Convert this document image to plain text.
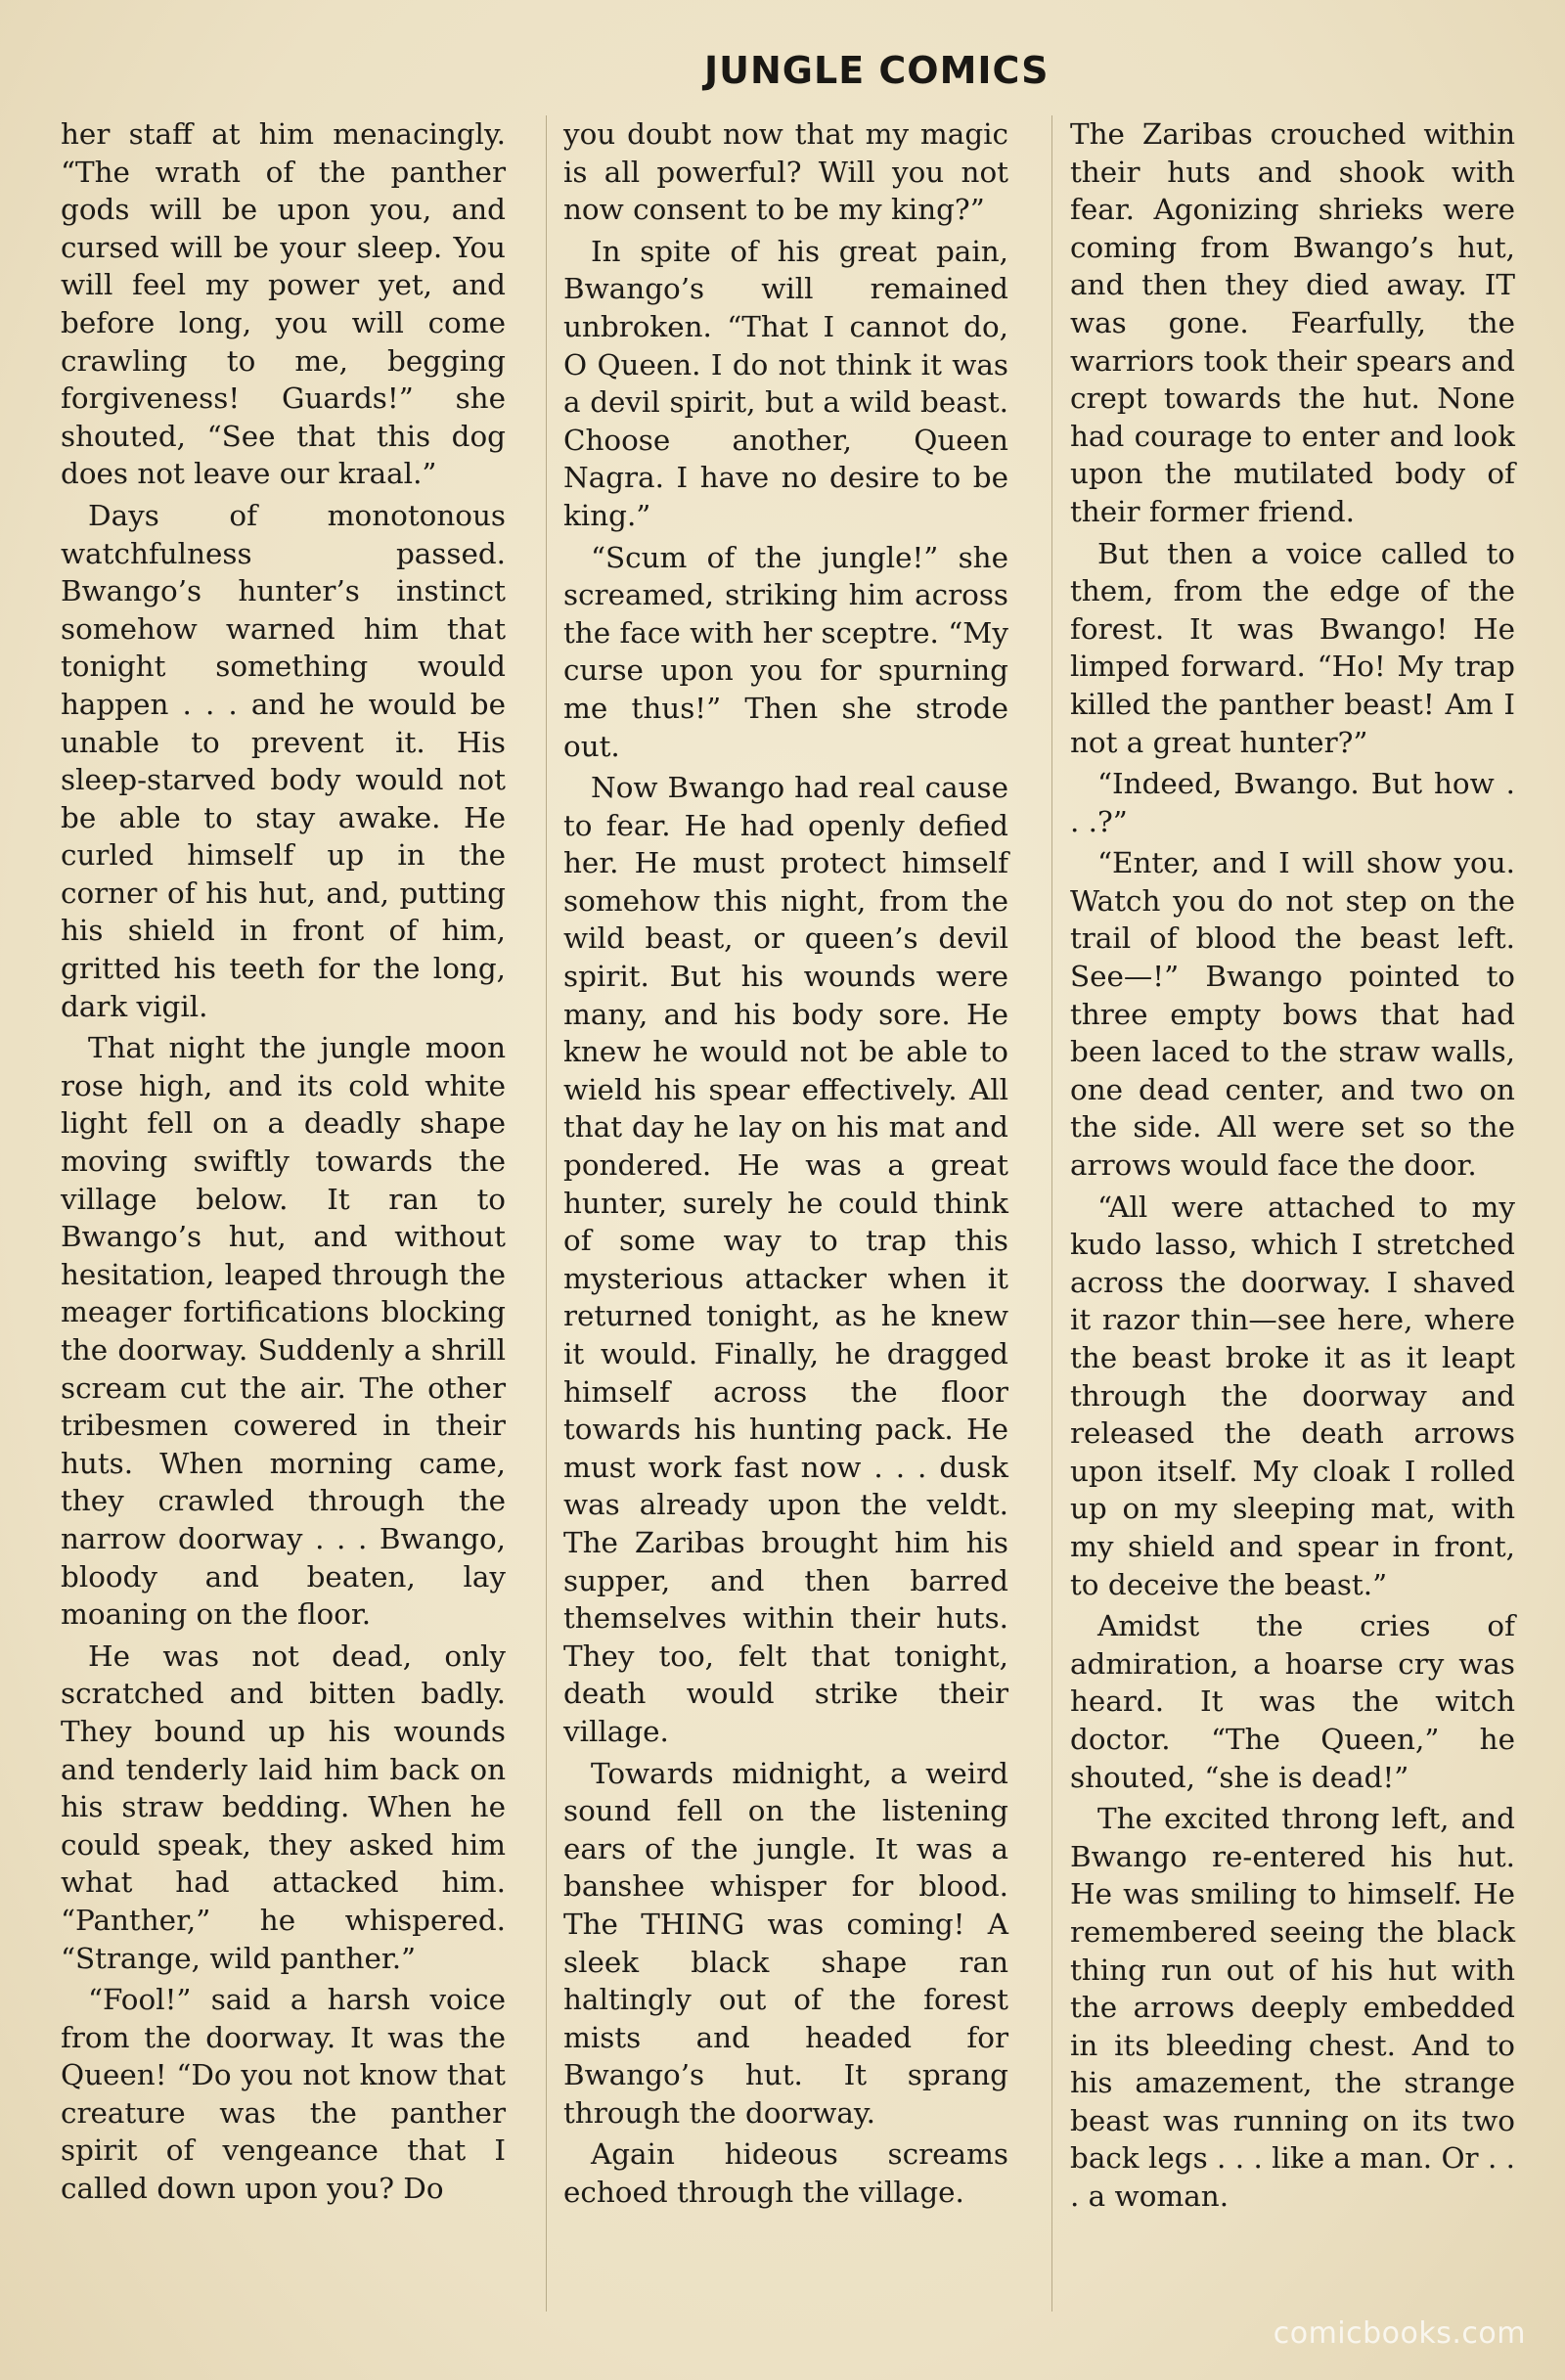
JUNGLE COMICS

her staff at him menacingly. “The wrath of the panther gods will be upon you, and cursed will be your sleep. You will feel my power yet, and before long, you will come crawling to me, begging forgiveness! Guards!” she shouted, “See that this dog does not leave our kraal.”

Days of monotonous watchfulness passed. Bwango’s hunter’s instinct somehow warned him that tonight something would happen . . . and he would be unable to prevent it. His sleep-starved body would not be able to stay awake. He curled himself up in the corner of his hut, and, putting his shield in front of him, gritted his teeth for the long, dark vigil.

That night the jungle moon rose high, and its cold white light fell on a deadly shape moving swiftly towards the village below. It ran to Bwango’s hut, and without hesitation, leaped through the meager fortifications blocking the doorway. Suddenly a shrill scream cut the air. The other tribesmen cowered in their huts. When morning came, they crawled through the narrow doorway . . . Bwango, bloody and beaten, lay moaning on the floor.

He was not dead, only scratched and bitten badly. They bound up his wounds and tenderly laid him back on his straw bedding. When he could speak, they asked him what had attacked him. “Panther,” he whispered. “Strange, wild panther.”

“Fool!” said a harsh voice from the doorway. It was the Queen! “Do you not know that creature was the panther spirit of vengeance that I called down upon you? Do

you doubt now that my magic is all powerful? Will you not now consent to be my king?”

In spite of his great pain, Bwango’s will remained unbroken. “That I cannot do, O Queen. I do not think it was a devil spirit, but a wild beast. Choose another, Queen Nagra. I have no desire to be king.”

“Scum of the jungle!” she screamed, striking him across the face with her sceptre. “My curse upon you for spurning me thus!” Then she strode out.

Now Bwango had real cause to fear. He had openly defied her. He must protect himself somehow this night, from the wild beast, or queen’s devil spirit. But his wounds were many, and his body sore. He knew he would not be able to wield his spear effectively. All that day he lay on his mat and pondered. He was a great hunter, surely he could think of some way to trap this mysterious attacker when it returned tonight, as he knew it would. Finally, he dragged himself across the floor towards his hunting pack. He must work fast now . . . dusk was already upon the veldt. The Zaribas brought him his supper, and then barred themselves within their huts. They too, felt that tonight, death would strike their village.

Towards midnight, a weird sound fell on the listening ears of the jungle. It was a banshee whisper for blood. The THING was coming! A sleek black shape ran haltingly out of the forest mists and headed for Bwango’s hut. It sprang through the doorway.

Again hideous screams echoed through the village.

The Zaribas crouched within their huts and shook with fear. Agonizing shrieks were coming from Bwango’s hut, and then they died away. IT was gone. Fearfully, the warriors took their spears and crept towards the hut. None had courage to enter and look upon the mutilated body of their former friend.

But then a voice called to them, from the edge of the forest. It was Bwango! He limped forward. “Ho! My trap killed the panther beast! Am I not a great hunter?”

“Indeed, Bwango. But how . . .?”

“Enter, and I will show you. Watch you do not step on the trail of blood the beast left. See—!” Bwango pointed to three empty bows that had been laced to the straw walls, one dead center, and two on the side. All were set so the arrows would face the door.

“All were attached to my kudo lasso, which I stretched across the doorway. I shaved it razor thin—see here, where the beast broke it as it leapt through the doorway and released the death arrows upon itself. My cloak I rolled up on my sleeping mat, with my shield and spear in front, to deceive the beast.”

Amidst the cries of admiration, a hoarse cry was heard. It was the witch doctor. “The Queen,” he shouted, “she is dead!”

The excited throng left, and Bwango re-entered his hut. He was smiling to himself. He remembered seeing the black thing run out of his hut with the arrows deeply embedded in its bleeding chest. And to his amazement, the strange beast was running on its two back legs . . . like a man. Or . . . a woman.

comicbooks.com
